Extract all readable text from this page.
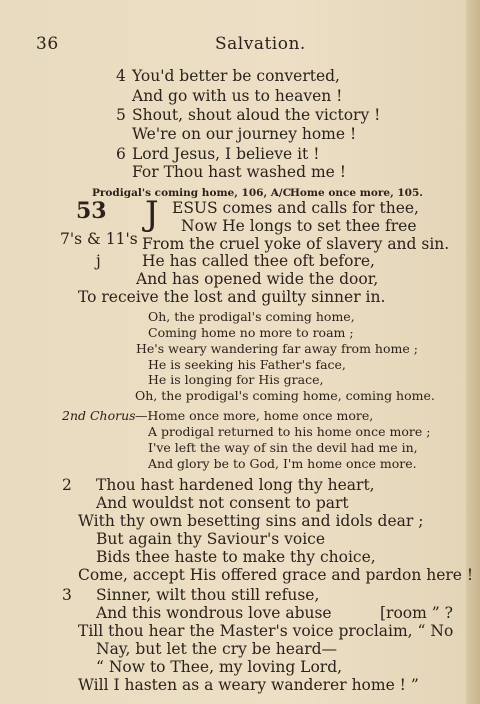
36	Salvation.
4 You'd better be converted,
And go with us to heaven !
5 Shout, shout aloud the victory !
We're on our journey home !
6 Lord Jesus, I believe it !
For Thou hast washed me !
Prodigal's coming home, 106, A/C.
Home once more, 105.
53
7's & 11's
J ESUS comes and calls for thee,
Now He longs to set thee free
From the cruel yoke of slavery and sin.
j	He has called thee oft before,
And has opened wide the door,
To receive the lost and guilty sinner in.
Oh, the prodigal's coming home,
Coming home no more to roam ;
He's weary wandering far away from home ;
He is seeking his Father's face,
He is longing for His grace,
Oh, the prodigal's coming home, coming home.
2nd Chorus —Home once more, home once more,
A prodigal returned to his home once more ;
I've left the way of sin the devil had me in,
And glory be to God, I'm home once more.
2 Thou hast hardened long thy heart,
And wouldst not consent to part
With thy own besetting sins and idols dear ;
But again thy Saviour's voice
Bids thee haste to make thy choice,
Come, accept His offered grace and pardon here !
3 Sinner, wilt thou still refuse,
And this wondrous love abuse	[room ” ?
Till thou hear the Master's voice proclaim, “ No
Nay, but let the cry be heard—
“ Now to Thee, my loving Lord,
Will I hasten as a weary wanderer home ! ”
